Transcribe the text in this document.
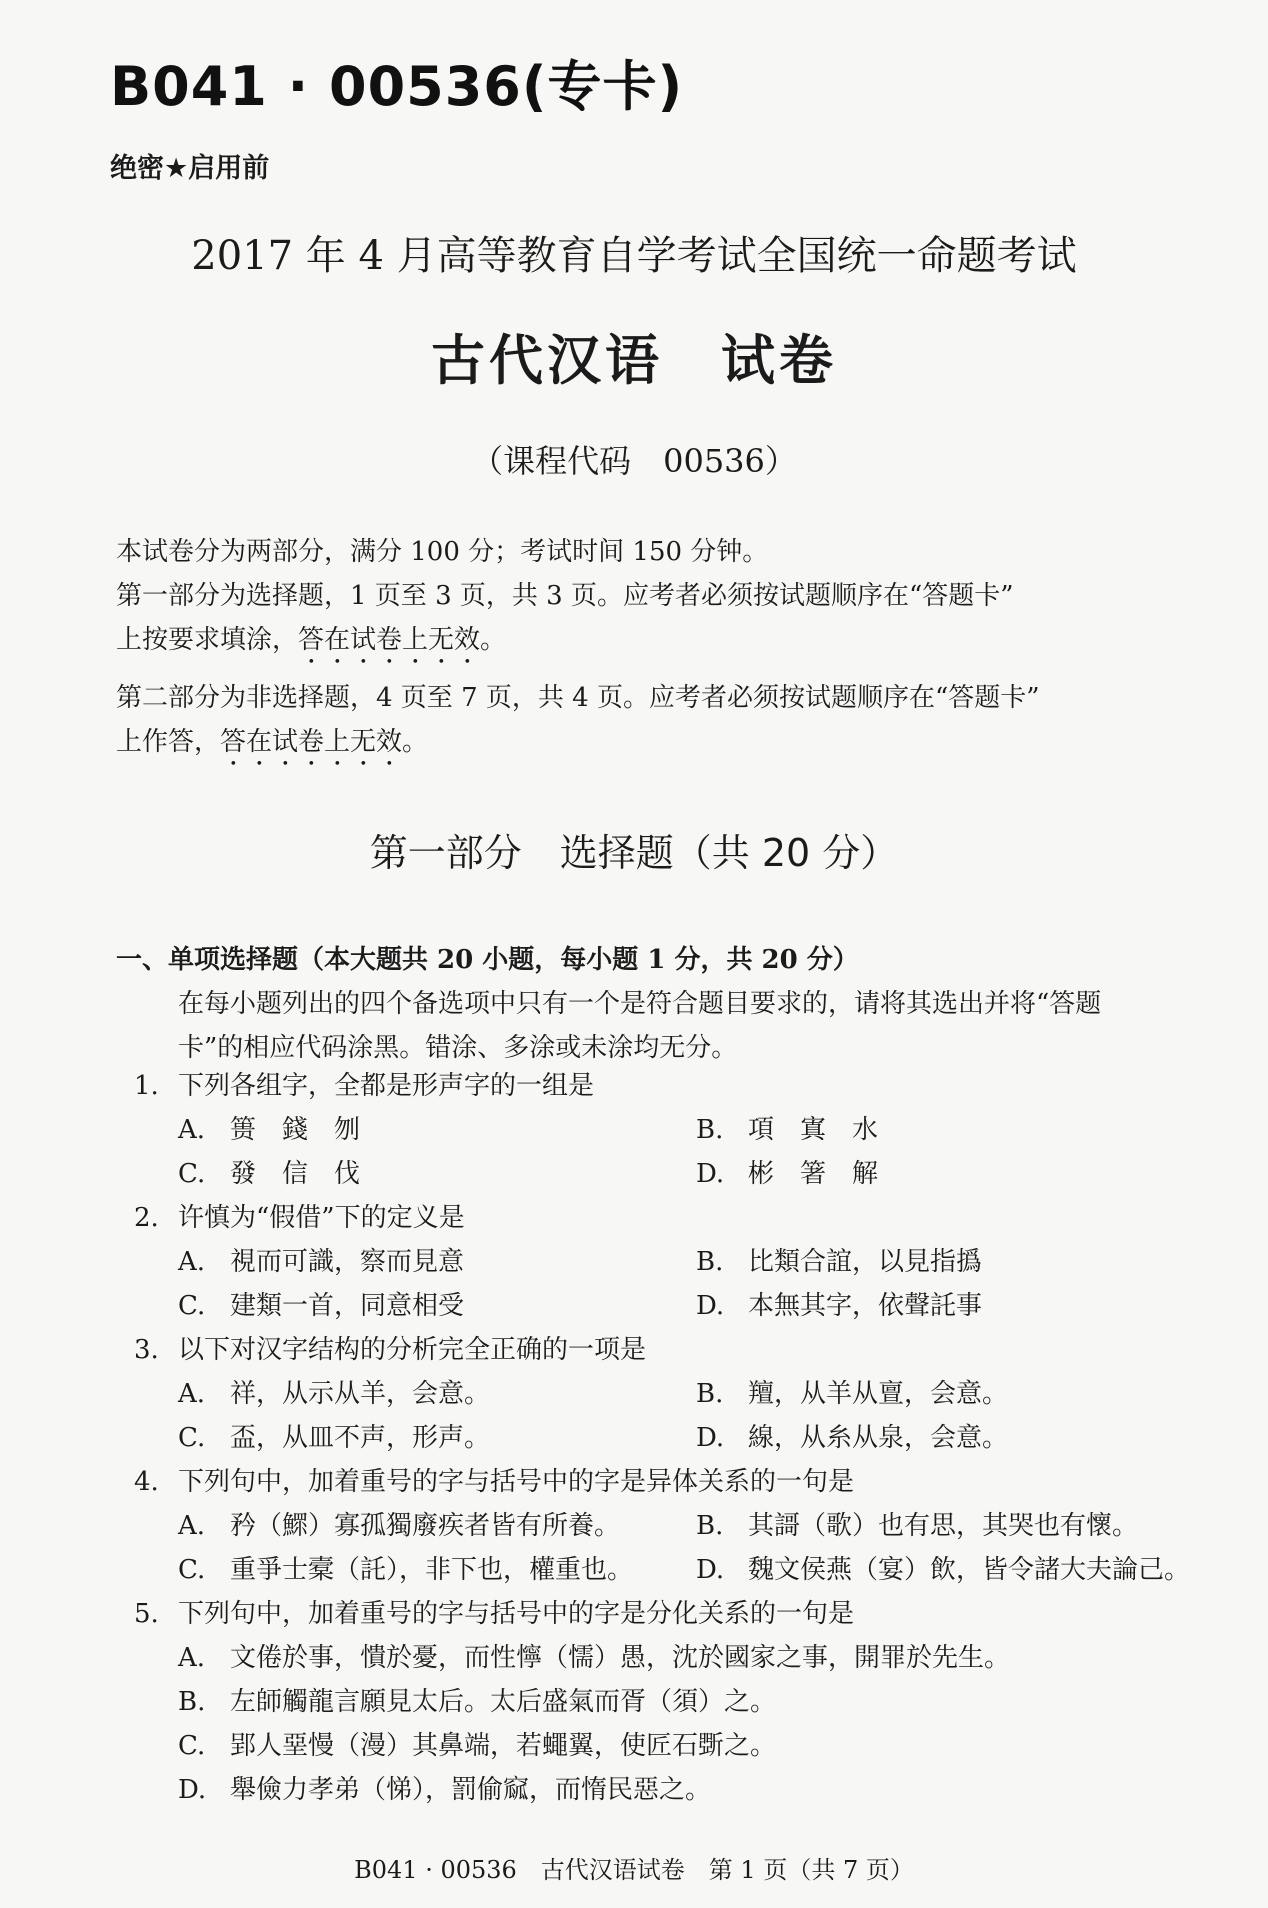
B041 · 00536(专卡)
绝密★启用前
2017 年 4 月高等教育自学考试全国统一命题考试
古代汉语　试卷
（课程代码　00536）

本试卷分为两部分，满分 100 分；考试时间 150 分钟。

第一部分为选择题，1 页至 3 页，共 3 页。应考者必须按试题顺序在“答题卡”

上按要求填涂，答在试卷上无效。

第二部分为非选择题，4 页至 7 页，共 4 页。应考者必须按试题顺序在“答题卡”

上作答，答在试卷上无效。

第一部分　选择题（共 20 分）
一、单项选择题（本大题共 20 小题，每小题 1 分，共 20 分）
在每小题列出的四个备选项中只有一个是符合题目要求的，请将其选出并将“答题
卡”的相应代码涂黑。错涂、多涂或未涂均无分。
1. 下列各组字，全都是形声字的一组是
A. 篑　錢　刎	B. 項　寘　水
C. 發　信　伐	D. 彬　箸　解
2. 许慎为“假借”下的定义是
A. 視而可識，察而見意	B. 比類合誼，以見指撝
C. 建類一首，同意相受	D. 本無其字，依聲託事
3. 以下对汉字结构的分析完全正确的一项是
A. 祥，从示从羊，会意。	B. 羶，从羊从亶，会意。
C. 盃，从皿不声，形声。	D. 線，从糸从泉，会意。
4. 下列句中，加着重号的字与括号中的字是异体关系的一句是
A. 矜（鰥）寡孤獨廢疾者皆有所養。	B. 其謌（歌）也有思，其哭也有懷。
C. 重爭士槖（託），非下也，權重也。	D. 魏文侯燕（宴）飲，皆令諸大夫論己。
5. 下列句中，加着重号的字与括号中的字是分化关系的一句是
A. 文倦於事，憒於憂，而性懧（懦）愚，沈於國家之事，開罪於先生。
B. 左師觸龍言願見太后。太后盛氣而胥（須）之。
C. 郢人堊慢（漫）其鼻端，若蠅翼，使匠石斲之。
D. 舉儉力孝弟（悌），罰偷窳，而惰民惡之。
B041 · 00536　古代汉语试卷　第 1 页（共 7 页）
